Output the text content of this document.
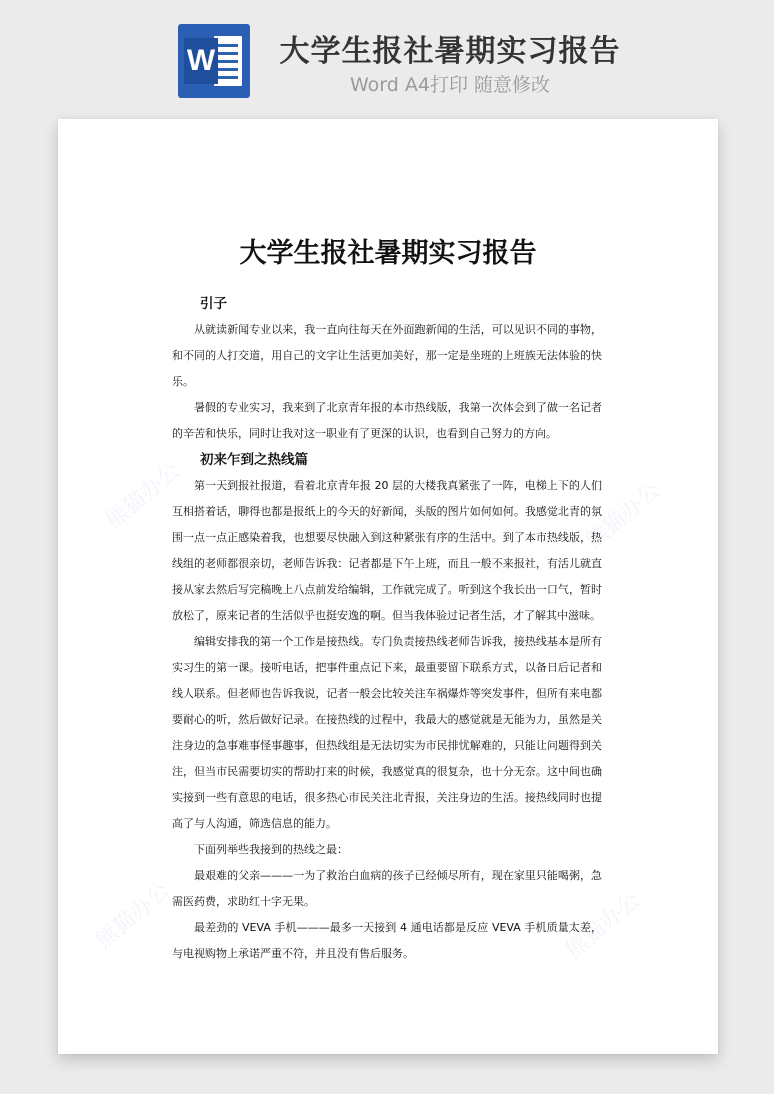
W	大学生报社暑期实习报告
Word A4打印 随意修改
熊猫办公	熊猫办公
熊猫办公	熊猫办公
大学生报社暑期实习报告
引子

从就读新闻专业以来，我一直向往每天在外面跑新闻的生活，可以见识不同的事物，和不同的人打交道，用自己的文字让生活更加美好，那一定是坐班的上班族无法体验的快乐。

暑假的专业实习，我来到了北京青年报的本市热线版，我第一次体会到了做一名记者的辛苦和快乐，同时让我对这一职业有了更深的认识，也看到自己努力的方向。

初来乍到之热线篇

第一天到报社报道，看着北京青年报 20 层的大楼我真紧张了一阵，电梯上下的人们互相搭着话，聊得也都是报纸上的今天的好新闻，头版的图片如何如何。我感觉北青的氛围一点一点正感染着我，也想要尽快融入到这种紧张有序的生活中。到了本市热线版，热线组的老师都很亲切，老师告诉我：记者都是下午上班，而且一般不来报社，有活儿就直接从家去然后写完稿晚上八点前发给编辑，工作就完成了。听到这个我长出一口气，暂时放松了，原来记者的生活似乎也挺安逸的啊。但当我体验过记者生活，才了解其中滋味。

编辑安排我的第一个工作是接热线。专门负责接热线老师告诉我，接热线基本是所有实习生的第一课。接听电话，把事件重点记下来，最重要留下联系方式，以备日后记者和线人联系。但老师也告诉我说，记者一般会比较关注车祸爆炸等突发事件，但所有来电都要耐心的听，然后做好记录。在接热线的过程中，我最大的感觉就是无能为力，虽然是关注身边的急事难事怪事趣事，但热线组是无法切实为市民排忧解难的，只能让问题得到关注，但当市民需要切实的帮助打来的时候，我感觉真的很复杂，也十分无奈。这中间也确实接到一些有意思的电话，很多热心市民关注北青报，关注身边的生活。接热线同时也提高了与人沟通，筛选信息的能力。

下面列举些我接到的热线之最：

最艰难的父亲———一为了救治白血病的孩子已经倾尽所有，现在家里只能喝粥，急需医药费，求助红十字无果。

最差劲的 VEVA 手机———最多一天接到 4 通电话都是反应 VEVA 手机质量太差，与电视购物上承诺严重不符，并且没有售后服务。
